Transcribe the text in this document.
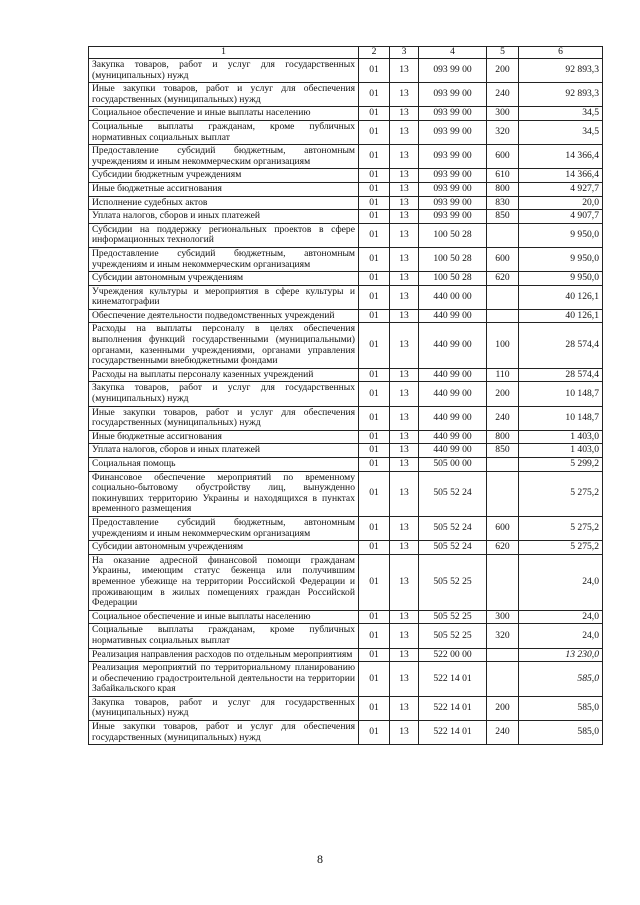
1	2	3	4	5	6
Закупка товаров, работ и услуг для государственных (муниципальных) нужд	01	13	093 99 00	200	92 893,3
Иные закупки товаров, работ и услуг для обеспечения государственных (муниципальных) нужд	01	13	093 99 00	240	92 893,3
Социальное обеспечение и иные выплаты населению	01	13	093 99 00	300	34,5
Социальные выплаты гражданам, кроме публичных нормативных социальных выплат	01	13	093 99 00	320	34,5
Предоставление субсидий бюджетным, автономным учреждениям и иным некоммерческим организациям	01	13	093 99 00	600	14 366,4
Субсидии бюджетным учреждениям	01	13	093 99 00	610	14 366,4
Иные бюджетные ассигнования	01	13	093 99 00	800	4 927,7
Исполнение судебных актов	01	13	093 99 00	830	20,0
Уплата налогов, сборов и иных платежей	01	13	093 99 00	850	4 907,7
Субсидии на поддержку региональных проектов в сфере информационных технологий	01	13	100 50 28		9 950,0
Предоставление субсидий бюджетным, автономным учреждениям и иным некоммерческим организациям	01	13	100 50 28	600	9 950,0
Субсидии автономным учреждениям	01	13	100 50 28	620	9 950,0
Учреждения культуры и мероприятия в сфере культуры и кинематографии	01	13	440 00 00		40 126,1
Обеспечение деятельности подведомственных учреждений	01	13	440 99 00		40 126,1
Расходы на выплаты персоналу в целях обеспечения выполнения функций государственными (муниципальными) органами, казенными учреждениями, органами управления государственными внебюджетными фондами	01	13	440 99 00	100	28 574,4
Расходы на выплаты персоналу казенных учреждений	01	13	440 99 00	110	28 574,4
Закупка товаров, работ и услуг для государственных (муниципальных) нужд	01	13	440 99 00	200	10 148,7
Иные закупки товаров, работ и услуг для обеспечения государственных (муниципальных) нужд	01	13	440 99 00	240	10 148,7
Иные бюджетные ассигнования	01	13	440 99 00	800	1 403,0
Уплата налогов, сборов и иных платежей	01	13	440 99 00	850	1 403,0
Социальная помощь	01	13	505 00 00		5 299,2
Финансовое обеспечение мероприятий по временному социально-бытовому обустройству лиц, вынужденно покинувших территорию Украины и находящихся в пунктах временного размещения	01	13	505 52 24		5 275,2
Предоставление субсидий бюджетным, автономным учреждениям и иным некоммерческим организациям	01	13	505 52 24	600	5 275,2
Субсидии автономным учреждениям	01	13	505 52 24	620	5 275,2
На оказание адресной финансовой помощи гражданам Украины, имеющим статус беженца или получившим временное убежище на территории Российской Федерации и проживающим в жилых помещениях граждан Российской Федерации	01	13	505 52 25		24,0
Социальное обеспечение и иные выплаты населению	01	13	505 52 25	300	24,0
Социальные выплаты гражданам, кроме публичных нормативных социальных выплат	01	13	505 52 25	320	24,0
Реализация направления расходов по отдельным мероприятиям	01	13	522 00 00		13 230,0
Реализация мероприятий по территориальному планированию и обеспечению градостроительной деятельности на территории Забайкальского края	01	13	522 14 01		585,0
Закупка товаров, работ и услуг для государственных (муниципальных) нужд	01	13	522 14 01	200	585,0
Иные закупки товаров, работ и услуг для обеспечения государственных (муниципальных) нужд	01	13	522 14 01	240	585,0
8
